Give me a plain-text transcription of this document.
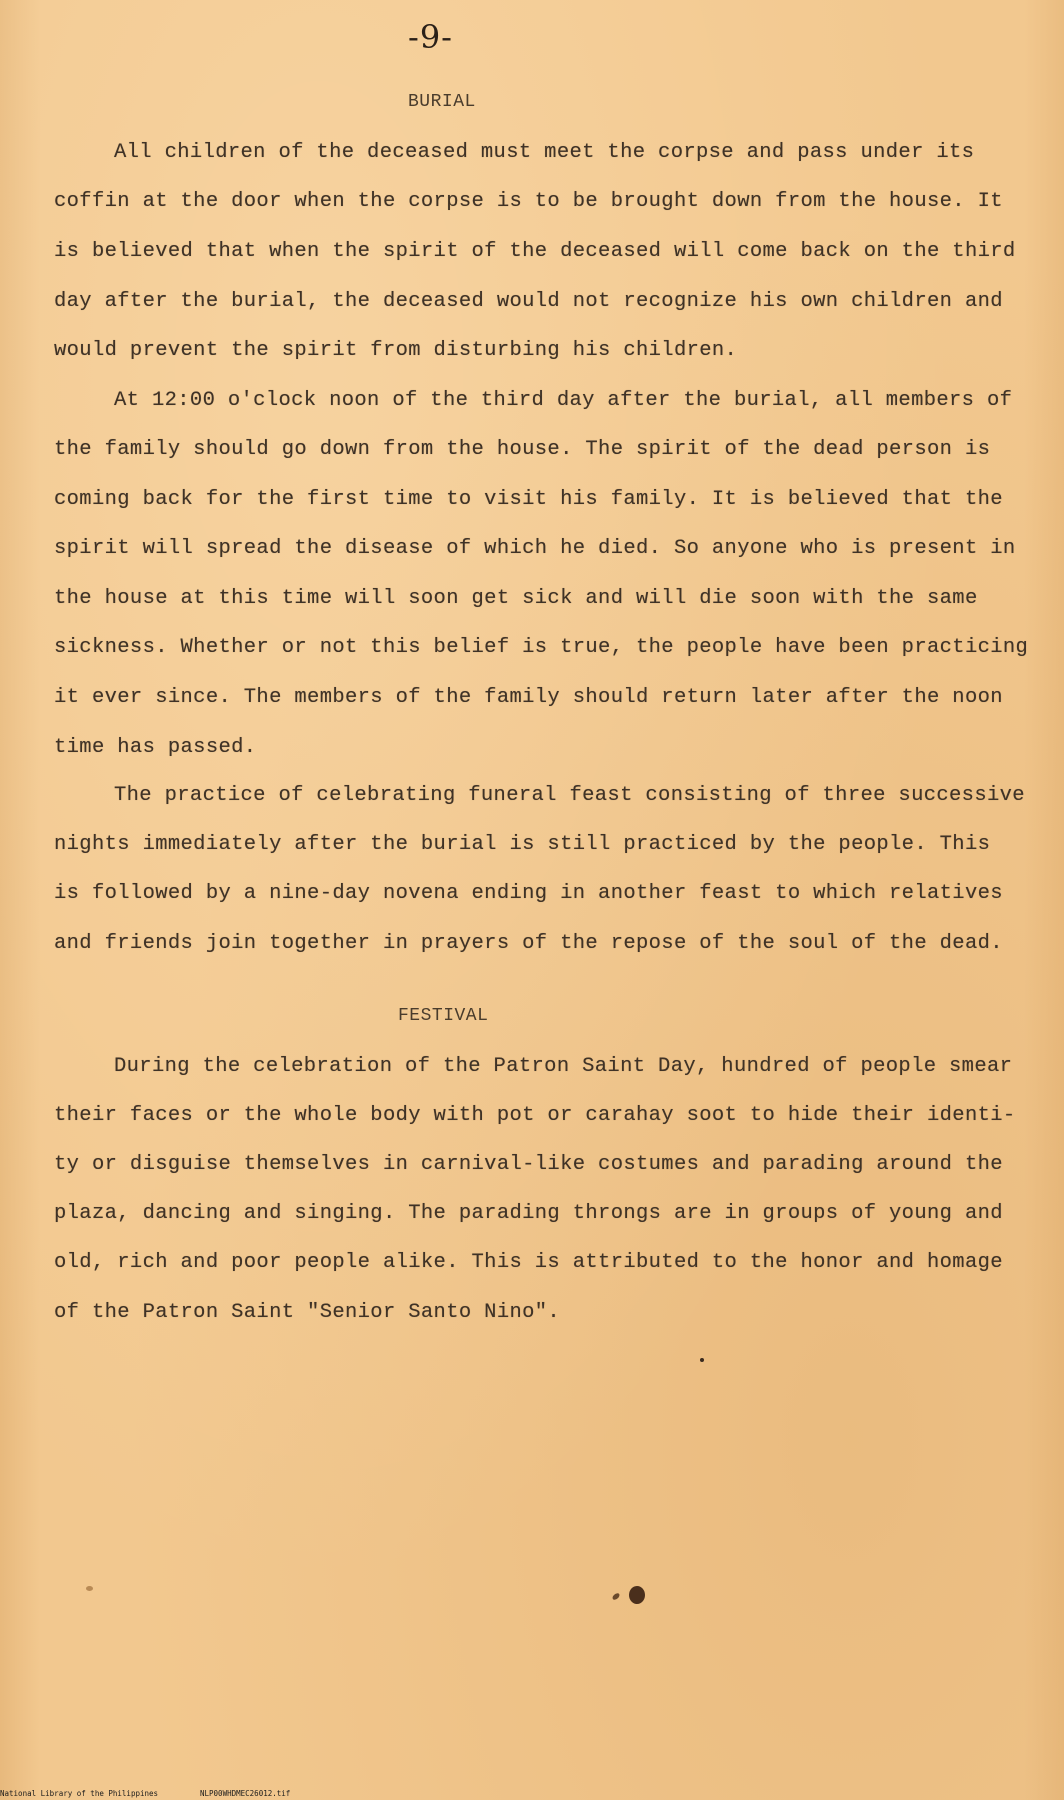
-9-
BURIAL
All children of the deceased must meet the corpse and pass under its
coffin at the door when the corpse is to be brought down from the house. It
is believed that when the spirit of the deceased will come back on the third
day after the burial, the deceased would not recognize his own children and
would prevent the spirit from disturbing his children.
At 12:00 o'clock noon of the third day after the burial, all members of
the family should go down from the house. The spirit of the dead person is
coming back for the first time to visit his family. It is believed that the
spirit will spread the disease of which he died. So anyone who is present in
the house at this time will soon get sick and will die soon with the same
sickness. Whether or not this belief is true, the people have been practicing
it ever since. The members of the family should return later after the noon
time has passed.
The practice of celebrating funeral feast consisting of three successive
nights immediately after the burial is still practiced by the people. This
is followed by a nine-day novena ending in another feast to which relatives
and friends join together in prayers of the repose of the soul of the dead.
FESTIVAL
During the celebration of the Patron Saint Day, hundred of people smear
their faces or the whole body with pot or carahay soot to hide their identi-
ty or disguise themselves in carnival-like costumes and parading around the
plaza, dancing and singing. The parading throngs are in groups of young and
old, rich and poor people alike. This is attributed to the honor and homage
of the Patron Saint "Senior Santo Nino".
National Library of the Philippines	NLP00WHDMEC26012.tif
